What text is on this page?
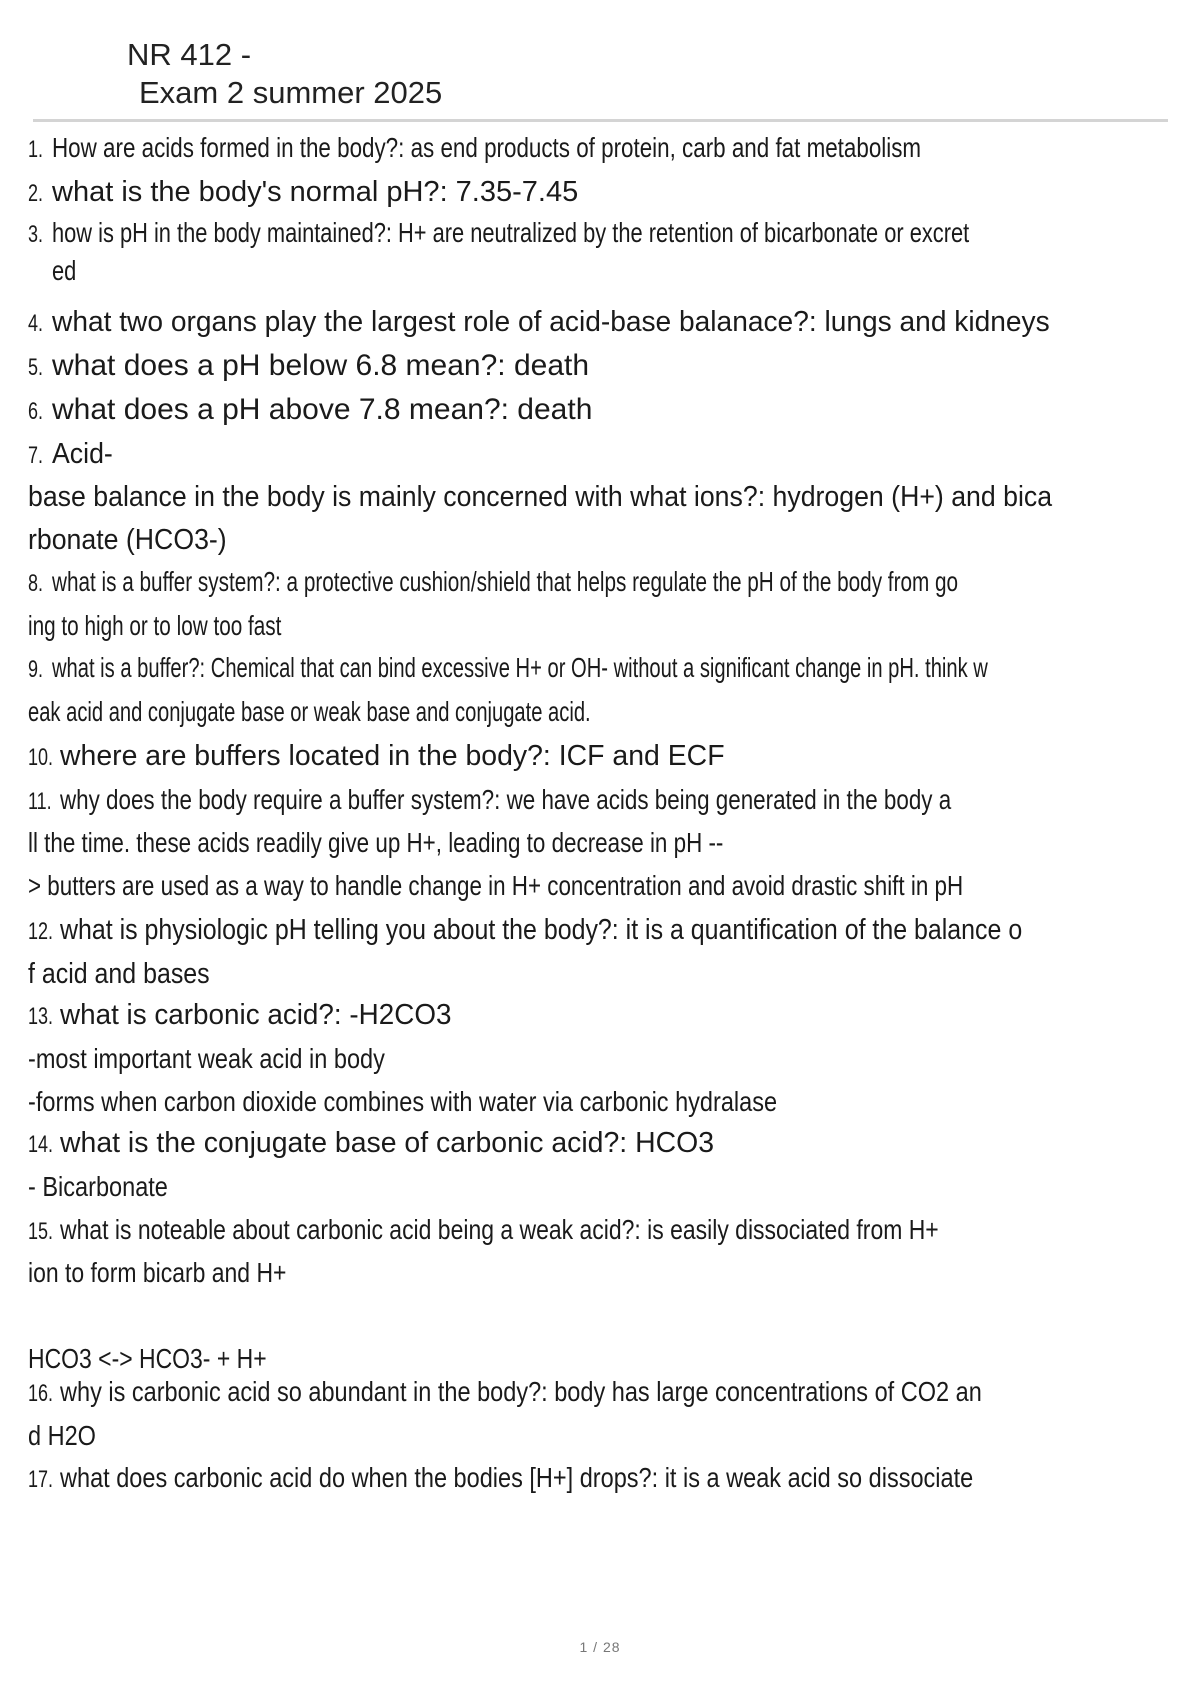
NR 412 -
Exam 2 summer 2025

1. How are acids formed in the body?: as end products of protein, carb and fat metabolism

2. what is the body's normal pH?: 7.35-7.45

3. how is pH in the body maintained?: H+ are neutralized by the retention of bicarbonate or excret

ed

4. what two organs play the largest role of acid-base balanace?: lungs and kidneys

5. what does a pH below 6.8 mean?: death

6. what does a pH above 7.8 mean?: death

7. Acid-

base balance in the body is mainly concerned with what ions?: hydrogen (H+) and bica

rbonate (HCO3-)

8. what is a buffer system?: a protective cushion/shield that helps regulate the pH of the body from go

ing to high or to low too fast

9. what is a buffer?: Chemical that can bind excessive H+ or OH- without a significant change in pH. think w

eak acid and conjugate base or weak base and conjugate acid.

10. where are buffers located in the body?: ICF and ECF

11. why does the body require a buffer system?: we have acids being generated in the body a

ll the time. these acids readily give up H+, leading to decrease in pH --

> butters are used as a way to handle change in H+ concentration and avoid drastic shift in pH

12. what is physiologic pH telling you about the body?: it is a quantification of the balance o

f acid and bases

13. what is carbonic acid?: -H2CO3

-most important weak acid in body

-forms when carbon dioxide combines with water via carbonic hydralase

14. what is the conjugate base of carbonic acid?: HCO3

- Bicarbonate

15. what is noteable about carbonic acid being a weak acid?: is easily dissociated from H+

ion to form bicarb and H+

HCO3 <-> HCO3- + H+

16. why is carbonic acid so abundant in the body?: body has large concentrations of CO2 an

d H2O

17. what does carbonic acid do when the bodies [H+] drops?: it is a weak acid so dissociate

1 / 28
